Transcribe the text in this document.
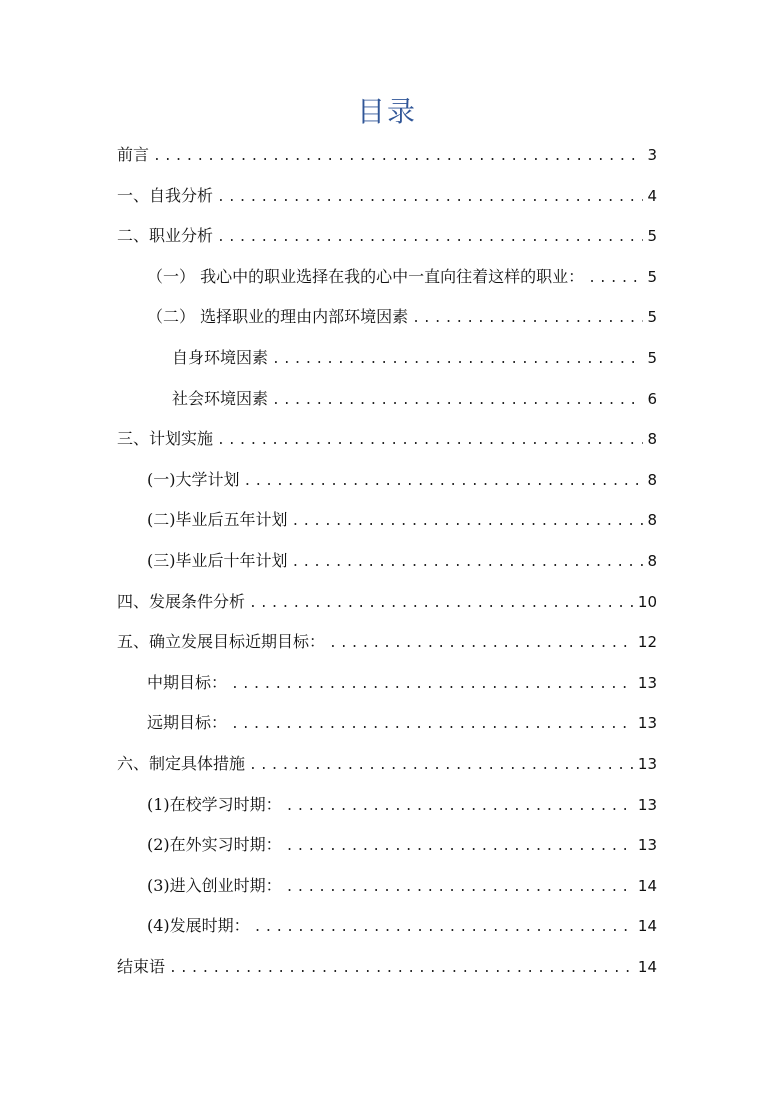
目录
前言 .....	3
一、自我分析 .....	4
二、职业分析 .....	5
（一） 我心中的职业选择在我的心中一直向往着这样的职业： .....	5
（二） 选择职业的理由内部环境因素 .....	5
自身环境因素 .....	5
社会环境因素 .....	6
三、计划实施 .....	8
(一)大学计划 .....	8
(二)毕业后五年计划 .....	8
(三)毕业后十年计划 .....	8
四、发展条件分析 .....	10
五、确立发展目标近期目标： .....	12
中期目标： .....	13
远期目标： .....	13
六、制定具体措施 .....	13
(1)在校学习时期： .....	13
(2)在外实习时期： .....	13
(3)进入创业时期： .....	14
(4)发展时期： .....	14
结束语 .....	14
